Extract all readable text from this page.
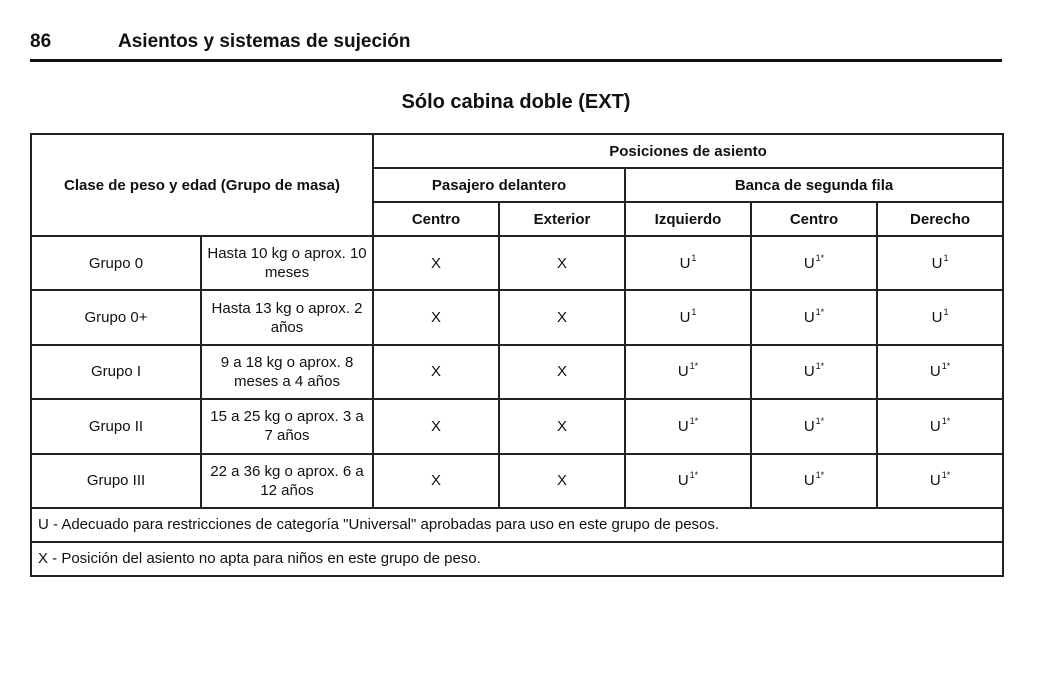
86	Asientos y sistemas de sujeción
Sólo cabina doble (EXT)
Clase de peso y edad (Grupo de masa)		Posiciones de asiento				
		Pasajero delantero		Banca de segunda fila		
		Centro	Exterior	Izquierdo	Centro	Derecho
Grupo 0	Hasta 10 kg o aprox. 10 meses	X	X	$U^1$	$U^{1*}$	$U^1$
Grupo 0+	Hasta 13 kg o aprox. 2 años	X	X	$U^1$	$U^{1*}$	$U^1$
Grupo I	9 a 18 kg o aprox. 8 meses a 4 años	X	X	$U^{1*}$	$U^{1*}$	$U^{1*}$
Grupo II	15 a 25 kg o aprox. 3 a 7 años	X	X	$U^{1*}$	$U^{1*}$	$U^{1*}$
Grupo III	22 a 36 kg o aprox. 6 a 12 años	X	X	$U^{1*}$	$U^{1*}$	$U^{1*}$
U - Adecuado para restricciones de categoría "Universal" aprobadas para uso en este grupo de pesos.						
X - Posición del asiento no apta para niños en este grupo de peso.						
